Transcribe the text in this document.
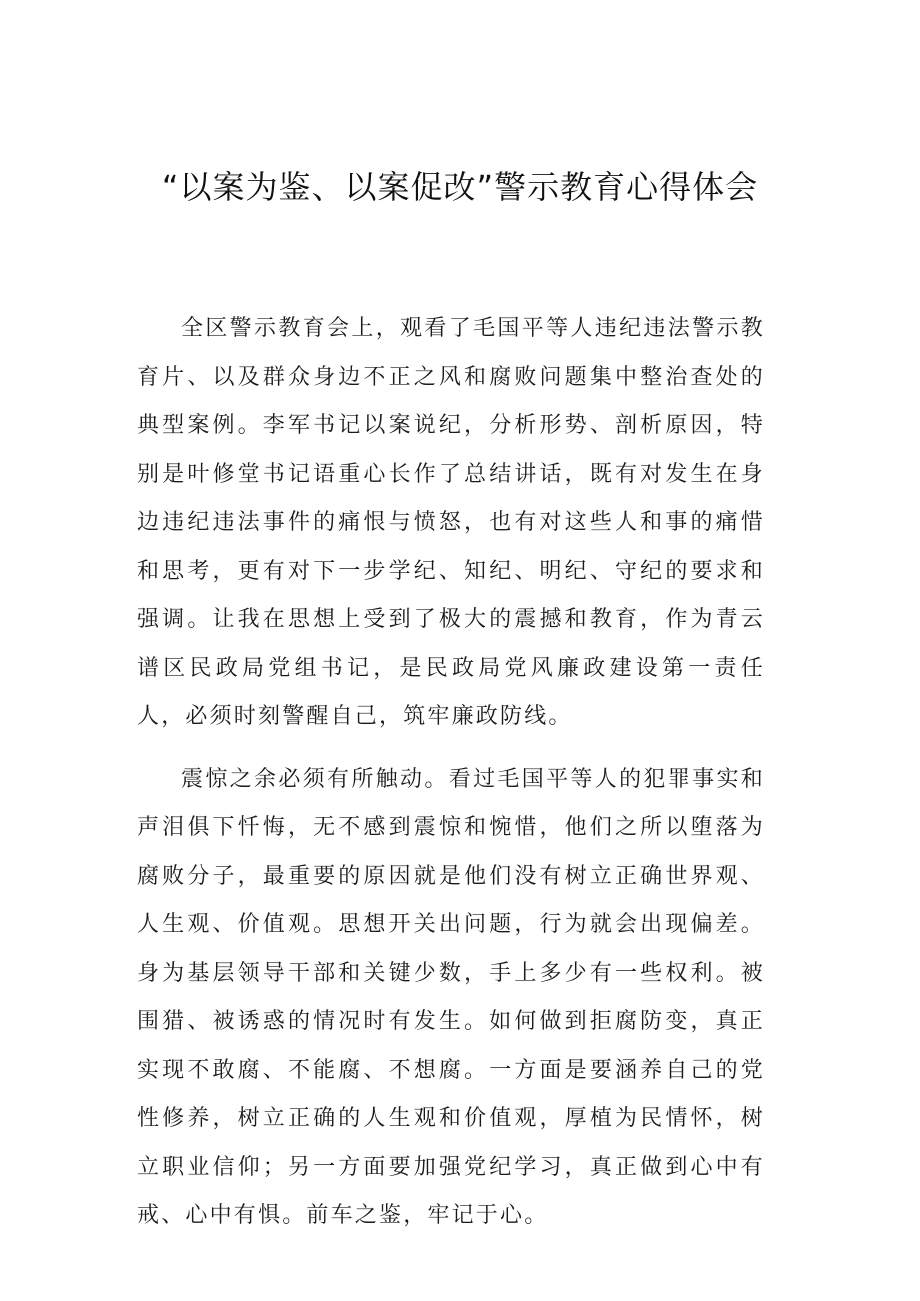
“以案为鉴、以案促改”警示教育心得体会

全区警示教育会上，观看了毛国平等人违纪违法警示教育片、以及群众身边不正之风和腐败问题集中整治查处的典型案例。李军书记以案说纪，分析形势、剖析原因，特别是叶修堂书记语重心长作了总结讲话，既有对发生在身边违纪违法事件的痛恨与愤怒，也有对这些人和事的痛惜和思考，更有对下一步学纪、知纪、明纪、守纪的要求和强调。让我在思想上受到了极大的震撼和教育，作为青云谱区民政局党组书记，是民政局党风廉政建设第一责任人，必须时刻警醒自己，筑牢廉政防线。

震惊之余必须有所触动。看过毛国平等人的犯罪事实和声泪俱下忏悔，无不感到震惊和惋惜，他们之所以堕落为腐败分子，最重要的原因就是他们没有树立正确世界观、人生观、价值观。思想开关出问题，行为就会出现偏差。身为基层领导干部和关键少数，手上多少有一些权利。被围猎、被诱惑的情况时有发生。如何做到拒腐防变，真正实现不敢腐、不能腐、不想腐。一方面是要涵养自己的党性修养，树立正确的人生观和价值观，厚植为民情怀，树立职业信仰；另一方面要加强党纪学习，真正做到心中有戒、心中有惧。前车之鉴，牢记于心。
